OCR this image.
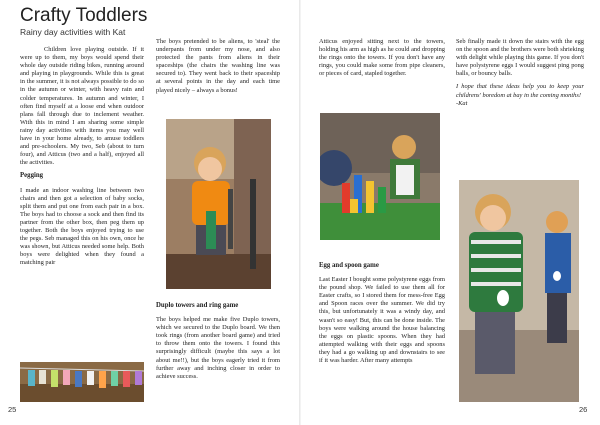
Crafty Toddlers

Rainy day activities with Kat

Children love playing outside. If it were up to them, my boys would spend their whole day outside riding bikes, running around and playing in playgrounds. While this is great in the summer, it is not always possible to do so in the autumn or winter, with heavy rain and colder temperatures. In autumn and winter, I often find myself at a loose end when outdoor plans fall through due to inclement weather. With this in mind I am sharing some simple rainy day activities with items you may well have in your home already, to amuse toddlers and pre-schoolers. My two, Seb (about to turn four), and Atticus (two and a half), enjoyed all the activities.

Pegging

I made an indoor washing line between two chairs and then got a selection of baby socks, split them and put one from each pair in a box. The boys had to choose a sock and then find its partner from the other box, then peg them up together. Both the boys enjoyed trying to use the pegs. Seb managed this on his own, once he was shown, but Atticus needed some help. Both boys were delighted when they found a matching pair

The boys pretended to be aliens, to 'steal' the underpants from under my nose, and also protected the pants from aliens in their spaceships (the chairs the washing line was secured to). They went back to their spaceship at several points in the day and each time played nicely – always a bonus!

Duplo towers and ring game

The boys helped me make five Duplo towers, which we secured to the Duplo board. We then took rings (from another board game) and tried to throw them onto the towers. I found this surprisingly difficult (maybe this says a lot about me!!), but the boys eagerly tried it from further away and inching closer in order to achieve success.

25

Atticus enjoyed sitting next to the towers, holding his arm as high as he could and dropping the rings onto the towers. If you don't have any rings, you could make some from pipe cleaners, or pieces of card, stapled together.

Egg and spoon game

Last Easter I bought some polystyrene eggs from the pound shop. We failed to use them all for Easter crafts, so I stored them for mess-free Egg and Spoon races over the summer. We did try this, but unfortunately it was a windy day, and wasn't so easy! But, this can be done inside. The boys were walking around the house balancing the eggs on plastic spoons. When they had attempted walking with their eggs and spoons they had a go walking up and downstairs to see if it was harder. After many attempts

Seb finally made it down the stairs with the egg on the spoon and the brothers were both shrieking with delight while playing this game. If you don't have polystyrene eggs I would suggest ping pong balls, or bouncy balls.

I hope that these ideas help you to keep your childrens' boredom at bay in the coming months!
-Kat

26
